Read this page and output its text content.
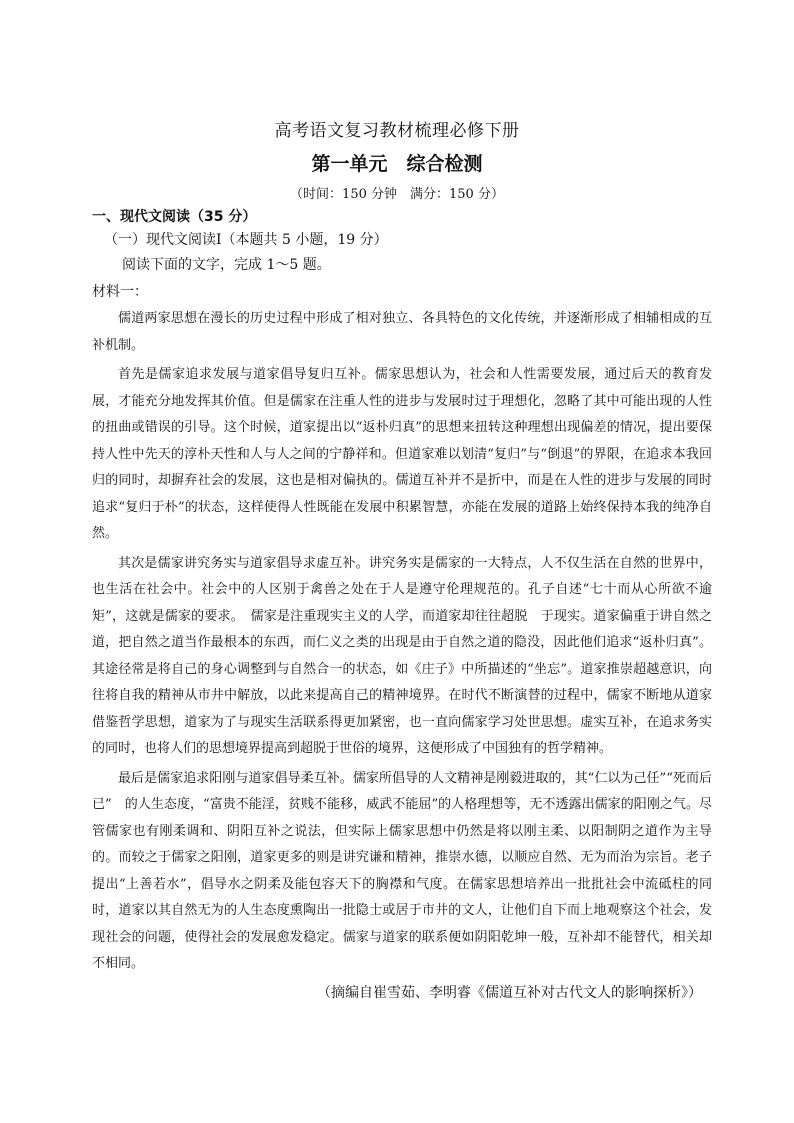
高考语文复习教材梳理必修下册
第一单元　综合检测
（时间：150 分钟　满分：150 分）
一、现代文阅读（35 分）
（一）现代文阅读Ⅰ（本题共 5 小题，19 分）
阅读下面的文字，完成 1～5 题。
材料一：

儒道两家思想在漫长的历史过程中形成了相对独立、各具特色的文化传统，并逐渐形成了相辅相成的互补机制。

首先是儒家追求发展与道家倡导复归互补。儒家思想认为，社会和人性需要发展，通过后天的教育发展，才能充分地发挥其价值。但是儒家在注重人性的进步与发展时过于理想化，忽略了其中可能出现的人性的扭曲或错误的引导。这个时候，道家提出以“返朴归真”的思想来扭转这种理想出现偏差的情况，提出要保持人性中先天的淳朴天性和人与人之间的宁静祥和。但道家难以划清“复归”与“倒退”的界限，在追求本我回归的同时，却摒弃社会的发展，这也是相对偏执的。儒道互补并不是折中，而是在人性的进步与发展的同时追求“复归于朴”的状态，这样使得人性既能在发展中积累智慧，亦能在发展的道路上始终保持本我的纯净自然。

其次是儒家讲究务实与道家倡导求虚互补。讲究务实是儒家的一大特点，人不仅生活在自然的世界中，也生活在社会中。社会中的人区别于禽兽之处在于人是遵守伦理规范的。孔子自述“七十而从心所欲不逾矩”，这就是儒家的要求。　儒家是注重现实主义的人学，而道家却往往超脱　于现实。道家偏重于讲自然之道，把自然之道当作最根本的东西，而仁义之类的出现是由于自然之道的隐没，因此他们追求“返朴归真”。其途径常是将自己的身心调整到与自然合一的状态，如《庄子》中所描述的“坐忘”。道家推崇超越意识，向往将自我的精神从市井中解放，以此来提高自己的精神境界。在时代不断演替的过程中，儒家不断地从道家借鉴哲学思想，道家为了与现实生活联系得更加紧密，也一直向儒家学习处世思想。虚实互补，在追求务实的同时，也将人们的思想境界提高到超脱于世俗的境界，这便形成了中国独有的哲学精神。

最后是儒家追求阳刚与道家倡导柔互补。儒家所倡导的人文精神是刚毅进取的，其“仁以为己任”“死而后已”　的人生态度，“富贵不能淫，贫贱不能移，威武不能屈”的人格理想等，无不透露出儒家的阳刚之气。尽管儒家也有刚柔调和、阴阳互补之说法，但实际上儒家思想中仍然是将以刚主柔、以阳制阴之道作为主导的。而较之于儒家之阳刚，道家更多的则是讲究谦和精神，推崇水德，以顺应自然、无为而治为宗旨。老子提出“上善若水”，倡导水之阴柔及能包容天下的胸襟和气度。在儒家思想培养出一批批社会中流砥柱的同时，道家以其自然无为的人生态度熏陶出一批隐士或居于市井的文人，让他们自下而上地观察这个社会，发现社会的问题，使得社会的发展愈发稳定。儒家与道家的联系便如阴阳乾坤一般，互补却不能替代，相关却不相同。

（摘编自崔雪茹、李明睿《儒道互补对古代文人的影响探析》）
